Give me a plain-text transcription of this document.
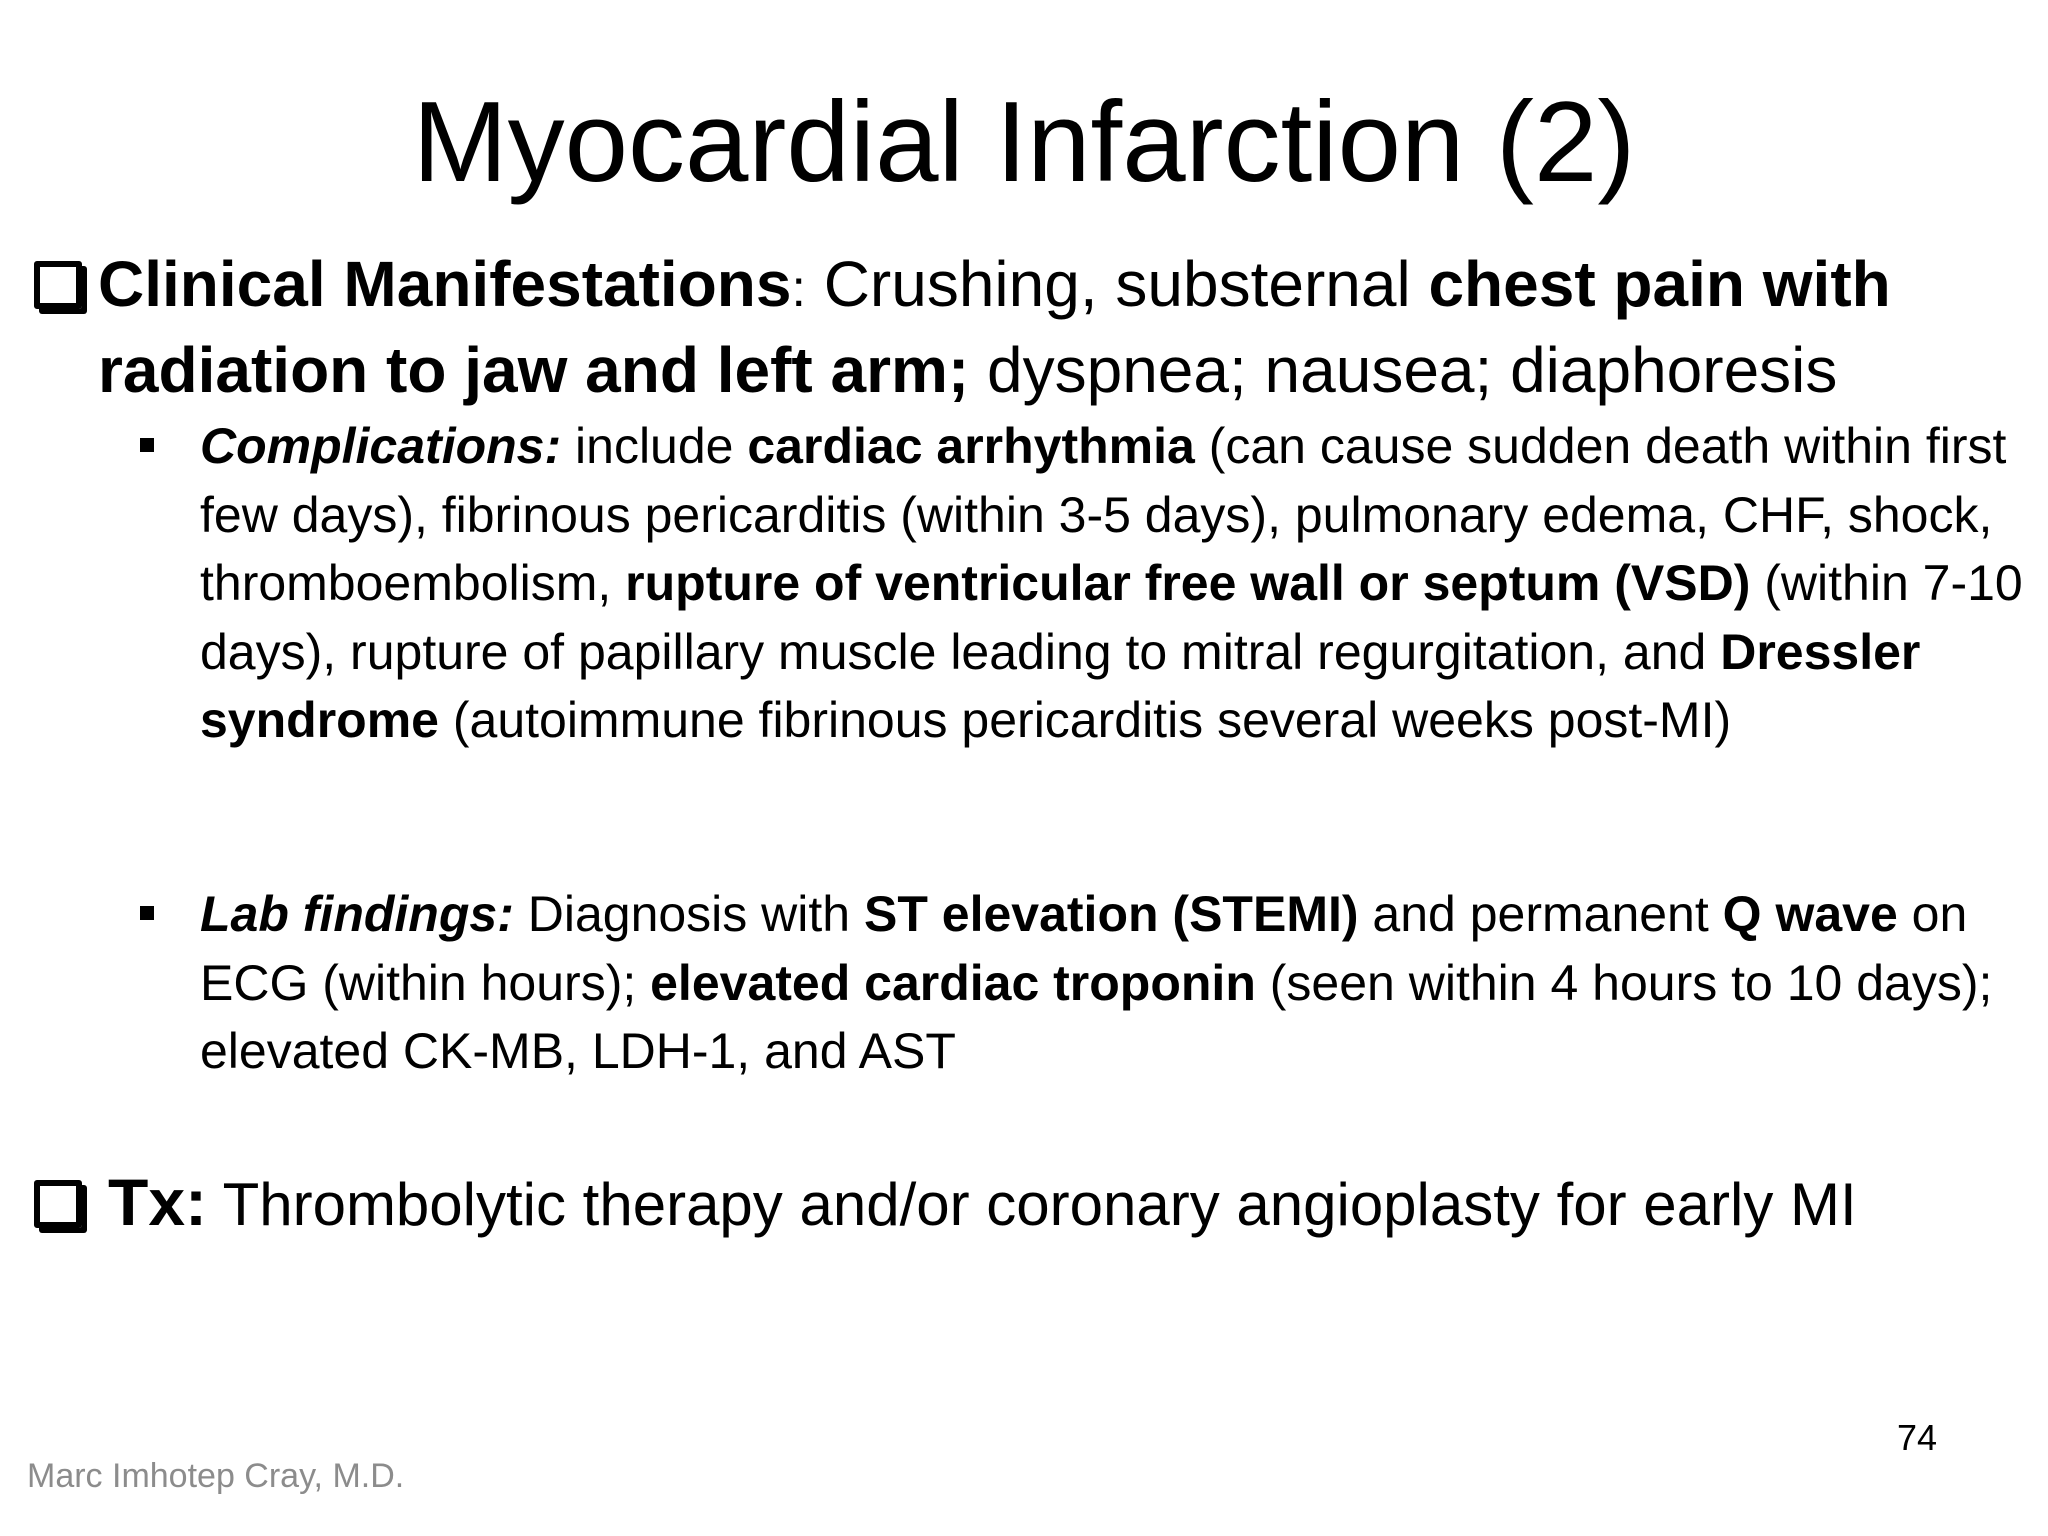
Myocardial Infarction (2)
Clinical Manifestations: Crushing, substernal chest pain with radiation to jaw and left arm; dyspnea; nausea; diaphoresis
Complications: include cardiac arrhythmia (can cause sudden death within first few days), fibrinous pericarditis (within 3-5 days), pulmonary edema, CHF, shock, thromboembolism, rupture of ventricular free wall or septum (VSD) (within 7-10 days), rupture of papillary muscle leading to mitral regurgitation, and Dressler syndrome (autoimmune fibrinous pericarditis several weeks post-MI)
Lab findings: Diagnosis with ST elevation (STEMI) and permanent Q wave on ECG (within hours); elevated cardiac troponin (seen within 4 hours to 10 days); elevated CK-MB, LDH-1, and AST
Tx: Thrombolytic therapy and/or coronary angioplasty for early MI
Marc Imhotep Cray, M.D.
74
